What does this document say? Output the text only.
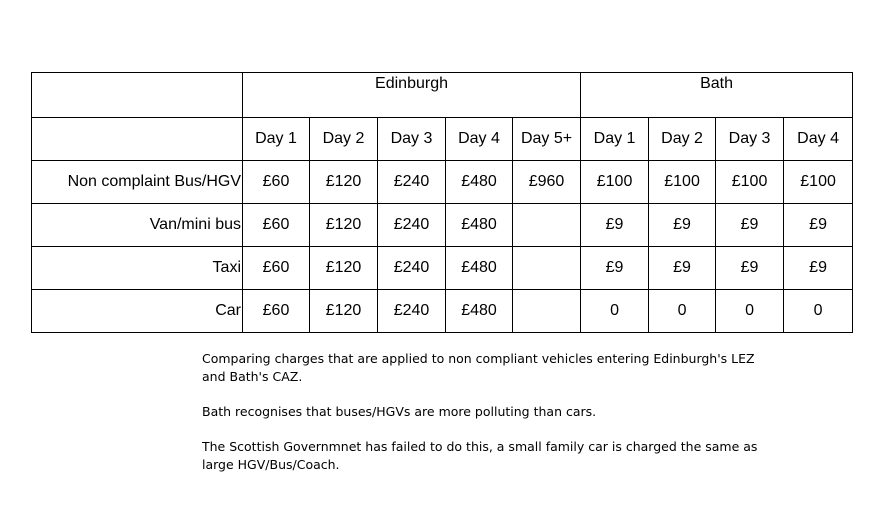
	Edinburgh					Bath			
	Day 1	Day 2	Day 3	Day 4	Day 5+	Day 1	Day 2	Day 3	Day 4
Non complaint Bus/HGV	£60	£120	£240	£480	£960	£100	£100	£100	£100
Van/mini bus	£60	£120	£240	£480		£9	£9	£9	£9
Taxi	£60	£120	£240	£480		£9	£9	£9	£9
Car	£60	£120	£240	£480		0	0	0	0

Comparing charges that are applied to non compliant vehicles entering Edinburgh's LEZ and Bath's CAZ.

Bath recognises that buses/HGVs are more polluting than cars.

The Scottish Governmnet has failed to do this, a small family car is charged the same as large HGV/Bus/Coach.
